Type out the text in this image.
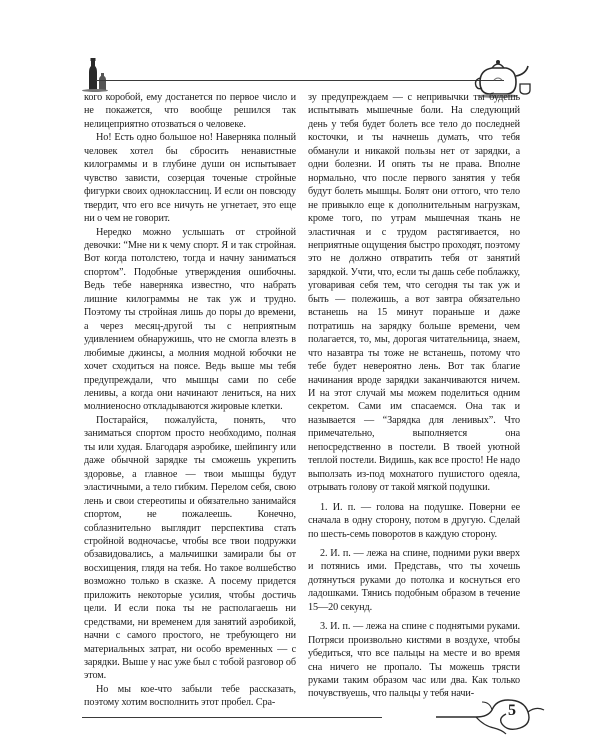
кого коробой, ему достанется по первое число и не покажется, что вообще решился так нелицеприятно отозваться о человеке.

Но! Есть одно большое но! Наверняка полный человек хотел бы сбросить ненавистные килограммы и в глубине души он испытывает чувство зависти, созерцая точеные стройные фигурки своих одноклассниц. И если он повсюду твердит, что его все ничуть не угнетает, это еще ни о чем не говорит.

Нередко можно услышать от стройной девочки: “Мне ни к чему спорт. Я и так стройная. Вот когда потолстею, тогда и начну заниматься спортом”. Подобные утверждения ошибочны. Ведь тебе наверняка известно, что набрать лишние килограммы не так уж и трудно. Поэтому ты стройная лишь до поры до времени, а через месяц-другой ты с неприятным удивлением обнаружишь, что не смогла влезть в любимые джинсы, а молния модной юбочки не хочет сходиться на поясе. Ведь выше мы тебя предупреждали, что мышцы сами по себе ленивы, а когда они начинают лениться, на них молниеносно откладываются жировые клетки.

Постарайся, пожалуйста, понять, что заниматься спортом просто необходимо, полная ты или худая. Благодаря аэробике, шейпингу или даже обычной зарядке ты сможешь укрепить здоровье, а главное — твои мышцы будут эластичными, а тело гибким. Перелом себя, свою лень и свои стереотипы и обязательно занимайся спортом, не пожалеешь. Конечно, соблазнительно выглядит перспектива стать стройной водночасье, чтобы все твои подружки обзавидовались, а мальчишки замирали бы от восхищения, глядя на тебя. Но такое волшебство возможно только в сказке. А посему придется приложить некоторые усилия, чтобы достичь цели. И если пока ты не располагаешь ни средствами, ни временем для занятий аэробикой, начни с самого простого, не требующего ни материальных затрат, ни особо временных — с зарядки. Выше у нас уже был с тобой разговор об этом.

Но мы кое-что забыли тебе рассказать, поэтому хотим восполнить этот пробел. Сра-

зу предупреждаем — с непривычки ты будешь испытывать мышечные боли. На следующий день у тебя будет болеть все тело до последней косточки, и ты начнешь думать, что тебя обманули и никакой пользы нет от зарядки, а одни болезни. И опять ты не права. Вполне нормально, что после первого занятия у тебя будут болеть мышцы. Болят они оттого, что тело не привыкло еще к дополнительным нагрузкам, кроме того, по утрам мышечная ткань не эластичная и с трудом растягивается, но неприятные ощущения быстро проходят, поэтому это не должно отвратить тебя от занятий зарядкой. Учти, что, если ты дашь себе поблажку, уговаривая себя тем, что сегодня ты так уж и быть — полежишь, а вот завтра обязательно встанешь на 15 минут пораньше и даже потратишь на зарядку больше времени, чем полагается, то, мы, дорогая читательница, знаем, что назавтра ты тоже не встанешь, потому что тебе будет невероятно лень. Вот так благие начинания вроде зарядки заканчиваются ничем. И на этот случай мы можем поделиться одним секретом. Сами им спасаемся. Она так и называется — “Зарядка для ленивых”. Что примечательно, выполняется она непосредственно в постели. В твоей уютной теплой постели. Видишь, как все просто! Не надо выползать из-под мохнатого пушистого одеяла, отрывать голову от такой мягкой подушки.

1. И. п. — голова на подушке. Поверни ее сначала в одну сторону, потом в другую. Сделай по шесть-семь поворотов в каждую сторону.

2. И. п. — лежа на спине, подними руки вверх и потянись ими. Представь, что ты хочешь дотянуться руками до потолка и коснуться его ладошками. Тянись подобным образом в течение 15—20 секунд.

3. И. п. — лежа на спине с поднятыми руками. Потряси произвольно кистями в воздухе, чтобы убедиться, что все пальцы на месте и во время сна ничего не пропало. Ты можешь трясти руками таким образом час или два. Как только почувствуешь, что пальцы у тебя начи-

5
